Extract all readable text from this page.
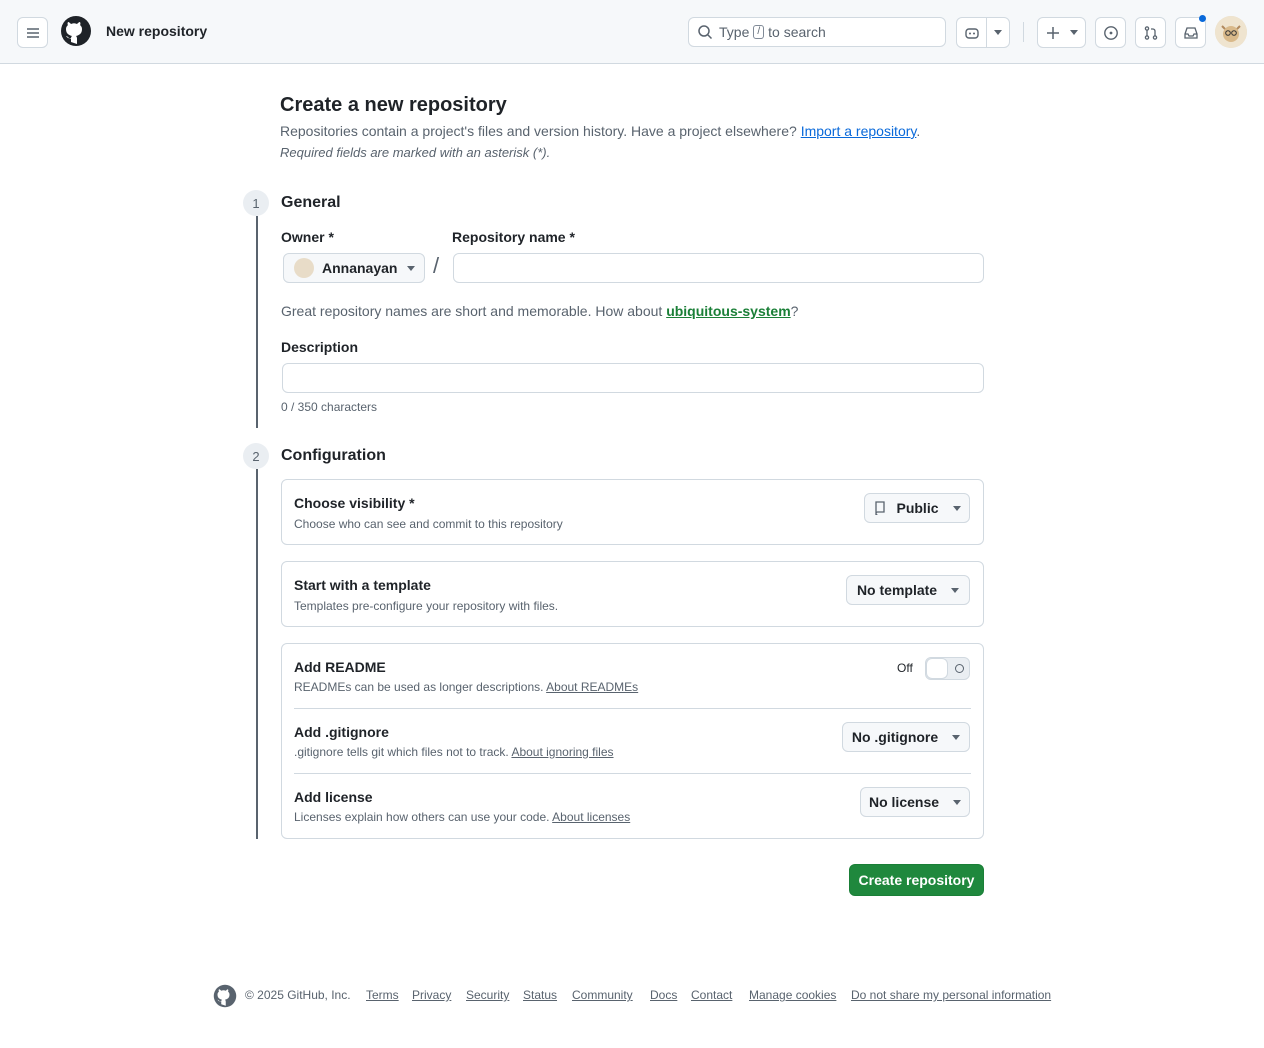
New repository	Type / to search
Create a new repository
Repositories contain a project's files and version history. Have a project elsewhere? Import a repository.
Required fields are marked with an asterisk (*).
1	General
Owner *	Repository name *
Annanayan /
Great repository names are short and memorable. How about ubiquitous-system?
Description
0 / 350 characters
2	Configuration
Choose visibility *
Choose who can see and commit to this repository
Public
Start with a template
Templates pre-configure your repository with files.
No template
Add README
READMEs can be used as longer descriptions. About READMEs
Add .gitignore
.gitignore tells git which files not to track. About ignoring files
Add license
Licenses explain how others can use your code. About licenses
Off
No .gitignore
No license
Create repository
© 2025 GitHub, Inc. Terms Privacy Security Status Community Docs Contact Manage cookies Do not share my personal information
